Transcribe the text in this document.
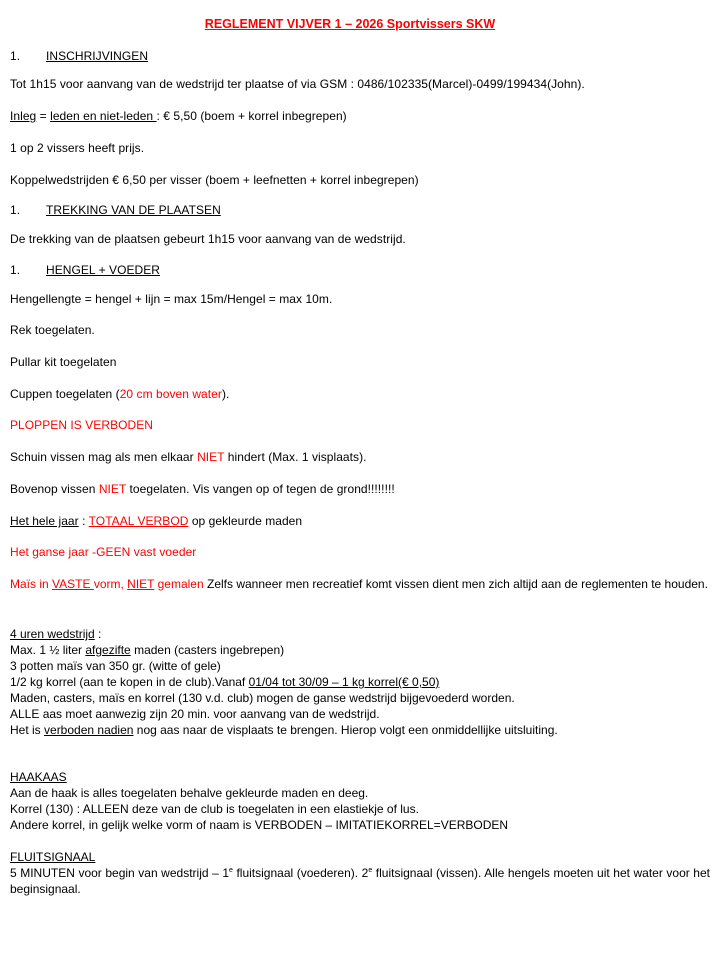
REGLEMENT VIJVER 1 – 2026 Sportvissers SKW
1. INSCHRIJVINGEN
Tot 1h15 voor aanvang van de wedstrijd ter plaatse of via GSM : 0486/102335(Marcel)-0499/199434(John).
Inleg = leden en niet-leden : € 5,50 (boem + korrel inbegrepen)
1 op 2 vissers heeft prijs.
Koppelwedstrijden € 6,50 per visser (boem + leefnetten + korrel inbegrepen)
1. TREKKING VAN DE PLAATSEN
De trekking van de plaatsen gebeurt 1h15 voor aanvang van de wedstrijd.
1. HENGEL + VOEDER
Hengellengte = hengel + lijn = max 15m/Hengel = max 10m.
Rek toegelaten.
Pullar kit toegelaten
Cuppen toegelaten (20 cm boven water).
PLOPPEN IS VERBODEN
Schuin vissen mag als men elkaar NIET hindert (Max. 1 visplaats).
Bovenop vissen NIET toegelaten. Vis vangen op of tegen de grond!!!!!!!!
Het hele jaar : TOTAAL VERBOD op gekleurde maden
Het ganse jaar -GEEN vast voeder
Maïs in VASTE vorm, NIET gemalen Zelfs wanneer men recreatief komt vissen dient men zich altijd aan de reglementen te houden.
4 uren wedstrijd :
Max. 1 ½ liter afgezifte maden (casters ingebrepen)
3 potten maïs van 350 gr. (witte of gele)
1/2 kg korrel (aan te kopen in de club).Vanaf 01/04 tot 30/09 – 1 kg korrel(€ 0,50)
Maden, casters, maïs en korrel (130 v.d. club) mogen de ganse wedstrijd bijgevoederd worden.
ALLE aas moet aanwezig zijn 20 min. voor aanvang van de wedstrijd.
Het is verboden nadien nog aas naar de visplaats te brengen. Hierop volgt een onmiddellijke uitsluiting.
HAAKAAS
Aan de haak is alles toegelaten behalve gekleurde maden en deeg.
Korrel (130) : ALLEEN deze van de club is toegelaten in een elastiekje of lus.
Andere korrel, in gelijk welke vorm of naam is VERBODEN – IMITATIEKORREL=VERBODEN
FLUITSIGNAAL
5 MINUTEN voor begin van wedstrijd – 1e fluitsignaal (voederen). 2e fluitsignaal (vissen). Alle hengels moeten uit het water voor het beginsignaal.
